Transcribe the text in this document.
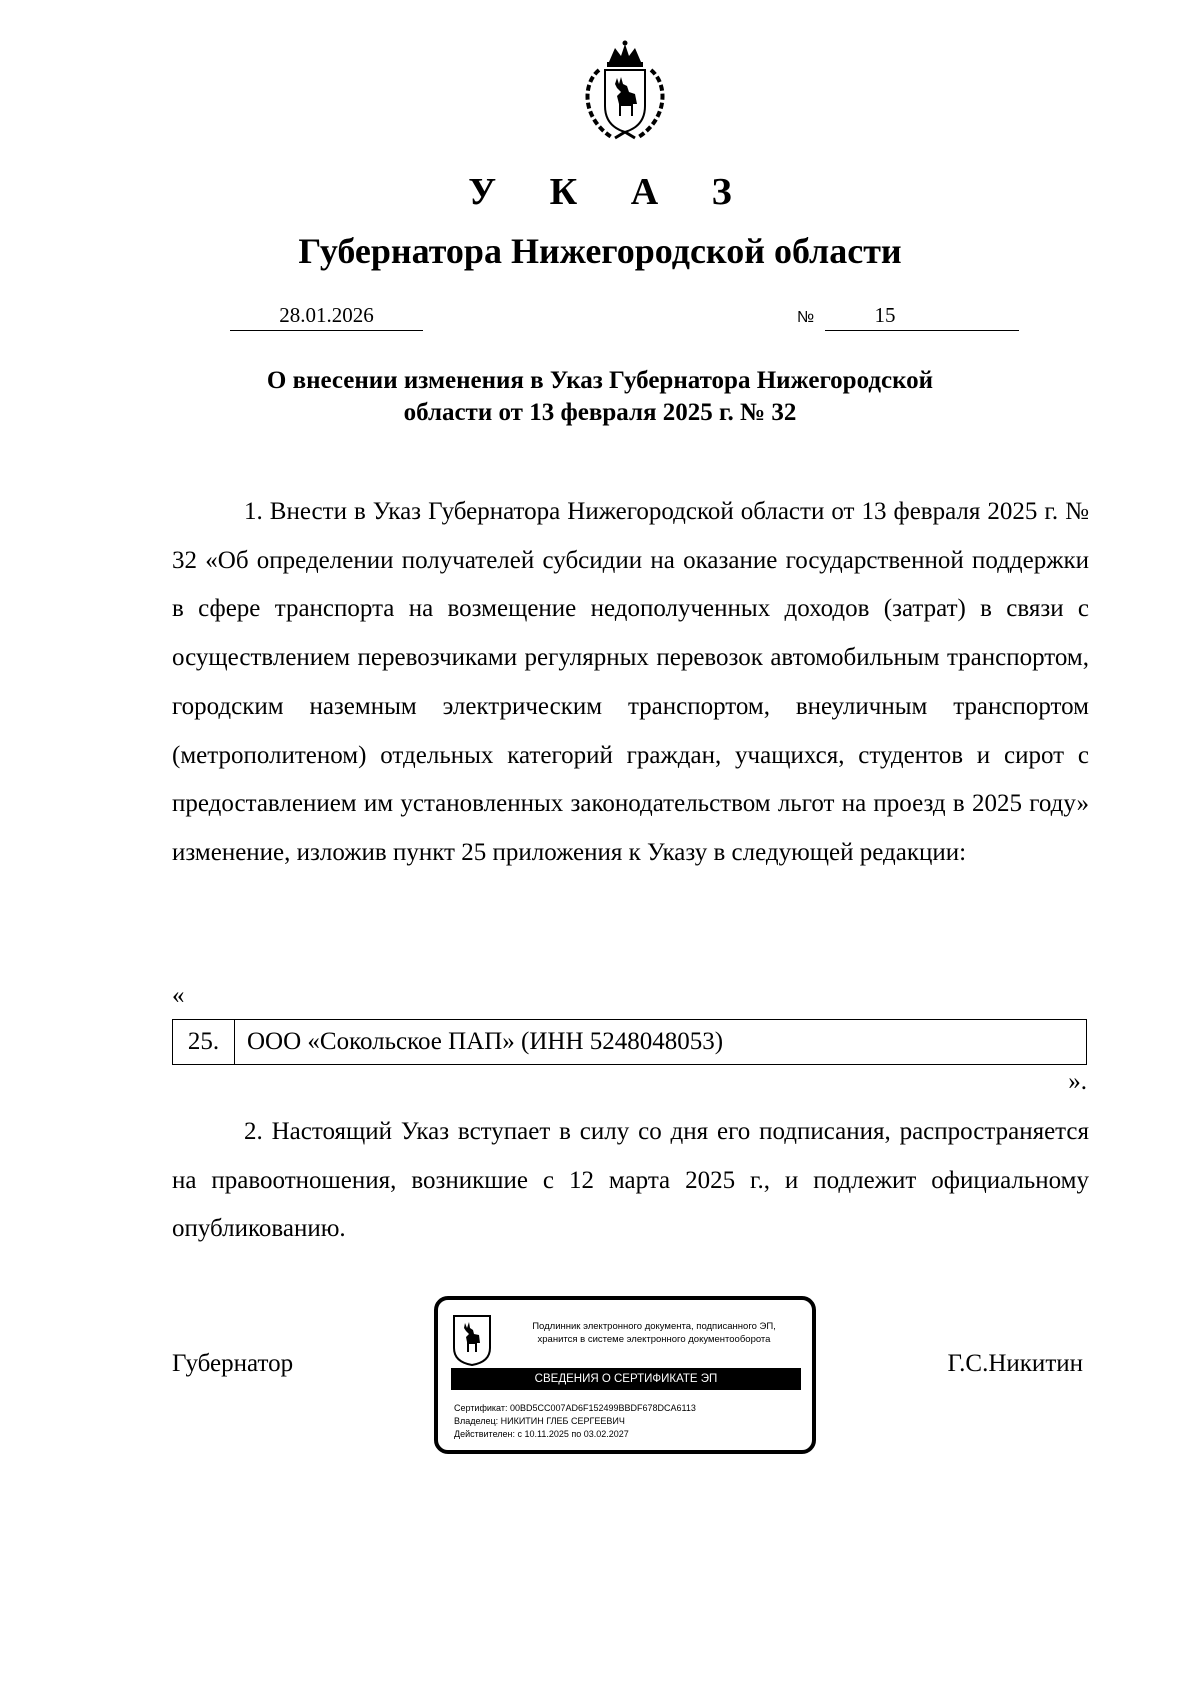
У К А З
Губернатора Нижегородской области
28.01.2026	№	15
О внесении изменения в Указ Губернатора Нижегородской
области от 13 февраля 2025 г. № 32

1. Внести в Указ Губернатора Нижегородской области от 13 февраля 2025 г. № 32 «Об определении получателей субсидии на оказание государственной поддержки в сфере транспорта на возмещение недополученных доходов (затрат) в связи с осуществлением перевозчиками регулярных перевозок автомобильным транспортом, городским наземным электрическим транспортом, внеуличным транспортом (метрополитеном) отдельных категорий граждан, учащихся, студентов и сирот с предоставлением им установленных законодательством льгот на проезд в 2025 году» изменение, изложив пункт 25 приложения к Указу в следующей редакции:

«
25.	ООО «Сокольское ПАП» (ИНН 5248048053)
».

2. Настоящий Указ вступает в силу со дня его подписания, распространяется на правоотношения, возникшие с 12 марта 2025 г., и подлежит официальному опубликованию.

Губернатор	Г.С.Никитин
Подлинник электронного документа, подписанного ЭП,
хранится в системе электронного документооборота
СВЕДЕНИЯ О СЕРТИФИКАТЕ ЭП
Сертификат: 00BD5CC007AD6F152499BBDF678DCA6113
Владелец: НИКИТИН ГЛЕБ СЕРГЕЕВИЧ
Действителен: с 10.11.2025 по 03.02.2027
